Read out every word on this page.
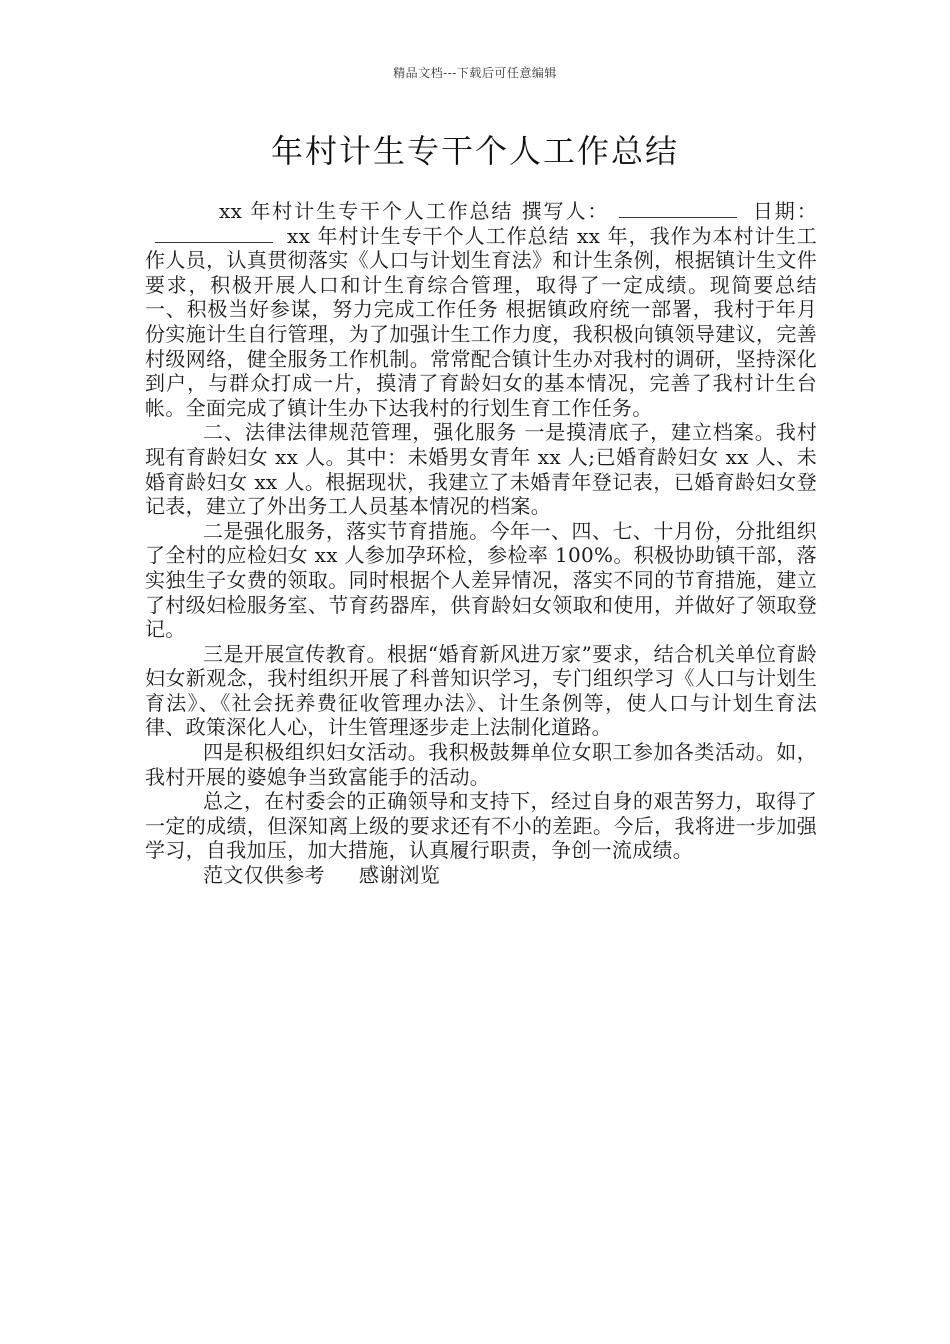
精品文档---下载后可任意编辑
年村计生专干个人工作总结

xx 年村计生专干个人工作总结 撰写人：	日期：xx 年村计生专干个人工作总结 xx 年，我作为本村计生工作人员，认真贯彻落实《人口与计划生育法》和计生条例，根据镇计生文件要求，积极开展人口和计生育综合管理，取得了一定成绩。现简要总结 一、积极当好参谋，努力完成工作任务 根据镇政府统一部署，我村于年月份实施计生自行管理，为了加强计生工作力度，我积极向镇领导建议，完善村级网络，健全服务工作机制。常常配合镇计生办对我村的调研，坚持深化到户，与群众打成一片，摸清了育龄妇女的基本情况，完善了我村计生台帐。全面完成了镇计生办下达我村的行划生育工作任务。

二、法律法律规范管理，强化服务 一是摸清底子，建立档案。我村现有育龄妇女 xx 人。其中：未婚男女青年 xx 人;已婚育龄妇女 xx 人、未婚育龄妇女 xx 人。根据现状，我建立了未婚青年登记表，已婚育龄妇女登记表，建立了外出务工人员基本情况的档案。

二是强化服务，落实节育措施。今年一、四、七、十月份，分批组织了全村的应检妇女 xx 人参加孕环检，参检率 100%。积极协助镇干部，落实独生子女费的领取。同时根据个人差异情况，落实不同的节育措施，建立了村级妇检服务室、节育药器库，供育龄妇女领取和使用，并做好了领取登记。

三是开展宣传教育。根据“婚育新风进万家”要求，结合机关单位育龄妇女新观念，我村组织开展了科普知识学习，专门组织学习《人口与计划生育法》、《社会抚养费征收管理办法》、计生条例等，使人口与计划生育法律、政策深化人心，计生管理逐步走上法制化道路。

四是积极组织妇女活动。我积极鼓舞单位女职工参加各类活动。如，我村开展的婆媳争当致富能手的活动。

总之，在村委会的正确领导和支持下，经过自身的艰苦努力，取得了一定的成绩，但深知离上级的要求还有不小的差距。今后，我将进一步加强学习，自我加压，加大措施，认真履行职责，争创一流成绩。

范文仅供参考 感谢浏览
